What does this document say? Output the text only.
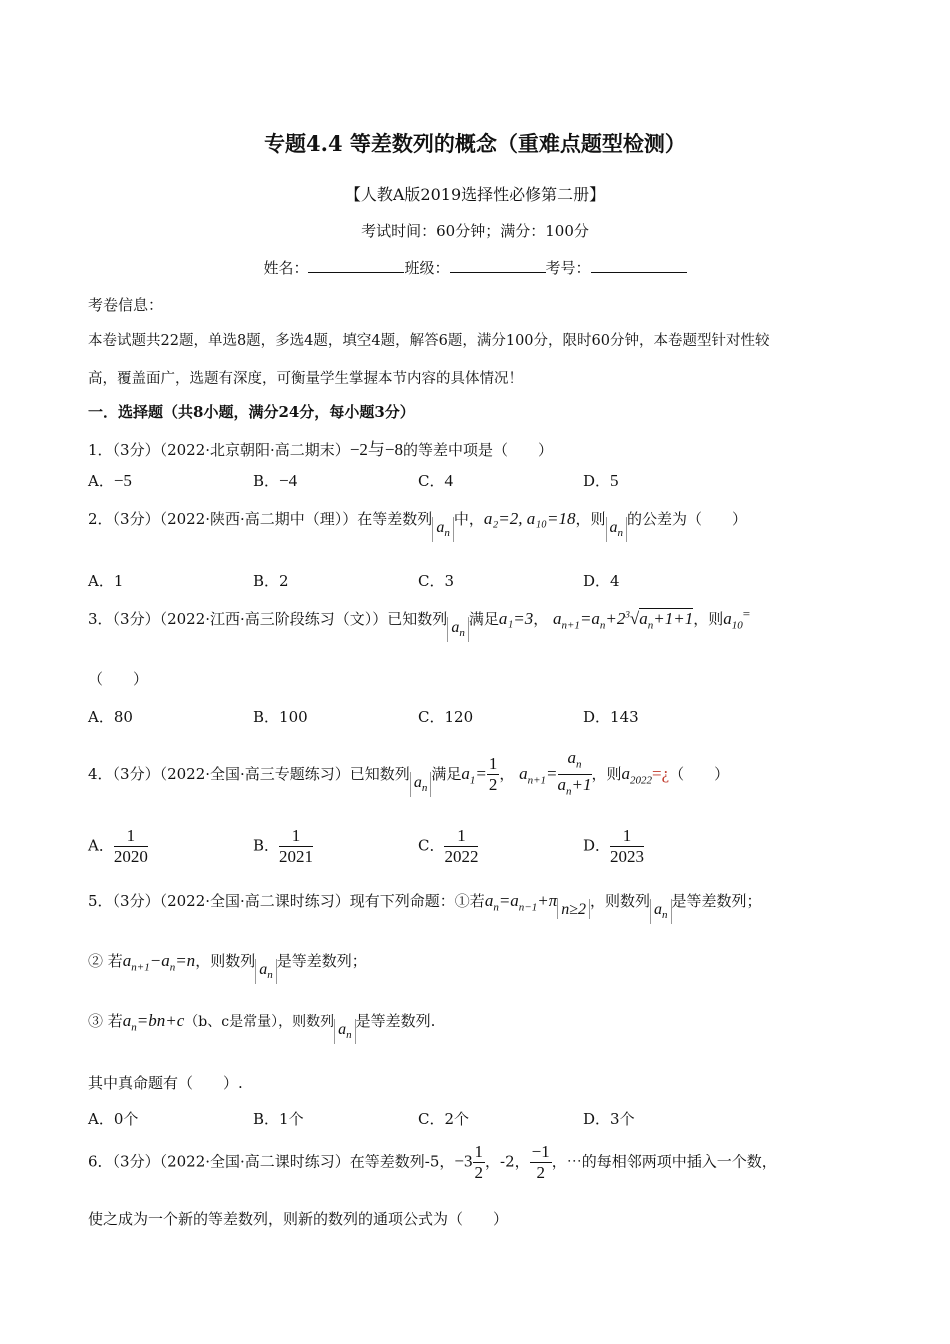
专题4.4 等差数列的概念（重难点题型检测）
【人教A版2019选择性必修第二册】
考试时间：60分钟；满分：100分
姓名：	班级：	考号：
考卷信息：
本卷试题共22题，单选8题，多选4题，填空4题，解答6题，满分100分，限时60分钟，本卷题型针对性较
高，覆盖面广，选题有深度，可衡量学生掌握本节内容的具体情况！
一．选择题（共8小题，满分24分，每小题3分）
1．（3分）（2022·北京朝阳·高二期末）−2与−8的等差中项是（　　）
A．−5	B．−4	C．4	D．5
2．（3分）（2022·陕西·高二期中（理））在等差数列 $a_n$中，a₂=2, a₁₀=18，则 $a_n$的公差为（　　）
A．1	B．2	C．3	D．4
3．（3分）（2022·江西·高三阶段练习（文））已知数列 $a_n$满足a₁=3， $a_{n+1}=a_n+2^3√a_n+1+1$，则$a_{10}^=$
（　　）
A．80	B．100	C．120	D．143
4．（3分）（2022·全国·高三专题练习）已知数列 $a_n$满足$a_1= \frac{1}{2}$ ， $a_{n+1}= \frac{a_n}{a_n+1}$ ，则$a_{2022}=¿$（　　）
A． $\frac{1}{2020}$	B． $\frac{1}{2021}$	C． $\frac{1}{2022}$	D． $\frac{1}{2023}$
5．（3分）（2022·全国·高二课时练习）现有下列命题：①若$a_n=a_{n-1}+\pi$ n≥2 ，则数列 $a_n$是等差数列；
② 若$a_{n+1}-a_n=n$，则数列 $a_n$是等差数列；
③ 若$a_n=bn+c(b$、c是常量），则数列 $a_n$是等差数列.
其中真命题有（　　）.
A．0个	B．1个	C．2个	D．3个
6．（3分）（2022·全国·高二课时练习）在等差数列-5，$-3 \frac{1}{2}$ ，-2， $\frac{-1}{2}$ ，⋯的每相邻两项中插入一个数，
使之成为一个新的等差数列，则新的数列的通项公式为（　　）
